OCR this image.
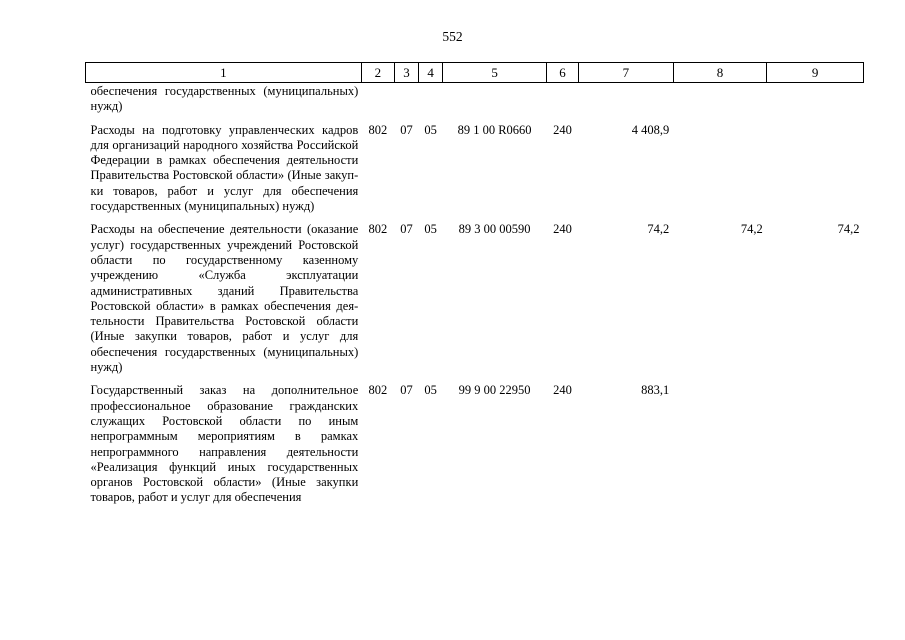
552
1	2	3	4	5	6	7	8	9
обеспечения государственных (муниципальных) нужд)								
Расходы на подготовку управленческих кадров для организаций народного хозяйства Российской Федерации в рамках обеспечения деятельности Правительства Ростовской области» (Иные закупки товаров, работ и услуг для обеспечения государственных (муниципальных) нужд)	802	07	05	89 1 00 R0660	240	4 408,9		
Расходы на обеспечение деятельности (оказание услуг) государственных учреждений Ростовской области по государственному казенному учреждению «Служба эксплуатации административных зданий Правительства Ростовской области» в рамках обеспечения деятельности Правительства Ростовской области (Иные закупки товаров, работ и услуг для обеспечения государственных (муниципальных) нужд)	802	07	05	89 3 00 00590	240	74,2	74,2	74,2
Государственный заказ на дополнительное профессиональное образование гражданских служащих Ростовской области по иным непрограммным мероприятиям в рамках непрограммного направления деятельности «Реализация функций иных государственных органов Ростовской области» (Иные закупки товаров, работ и услуг для обеспечения	802	07	05	99 9 00 22950	240	883,1		
